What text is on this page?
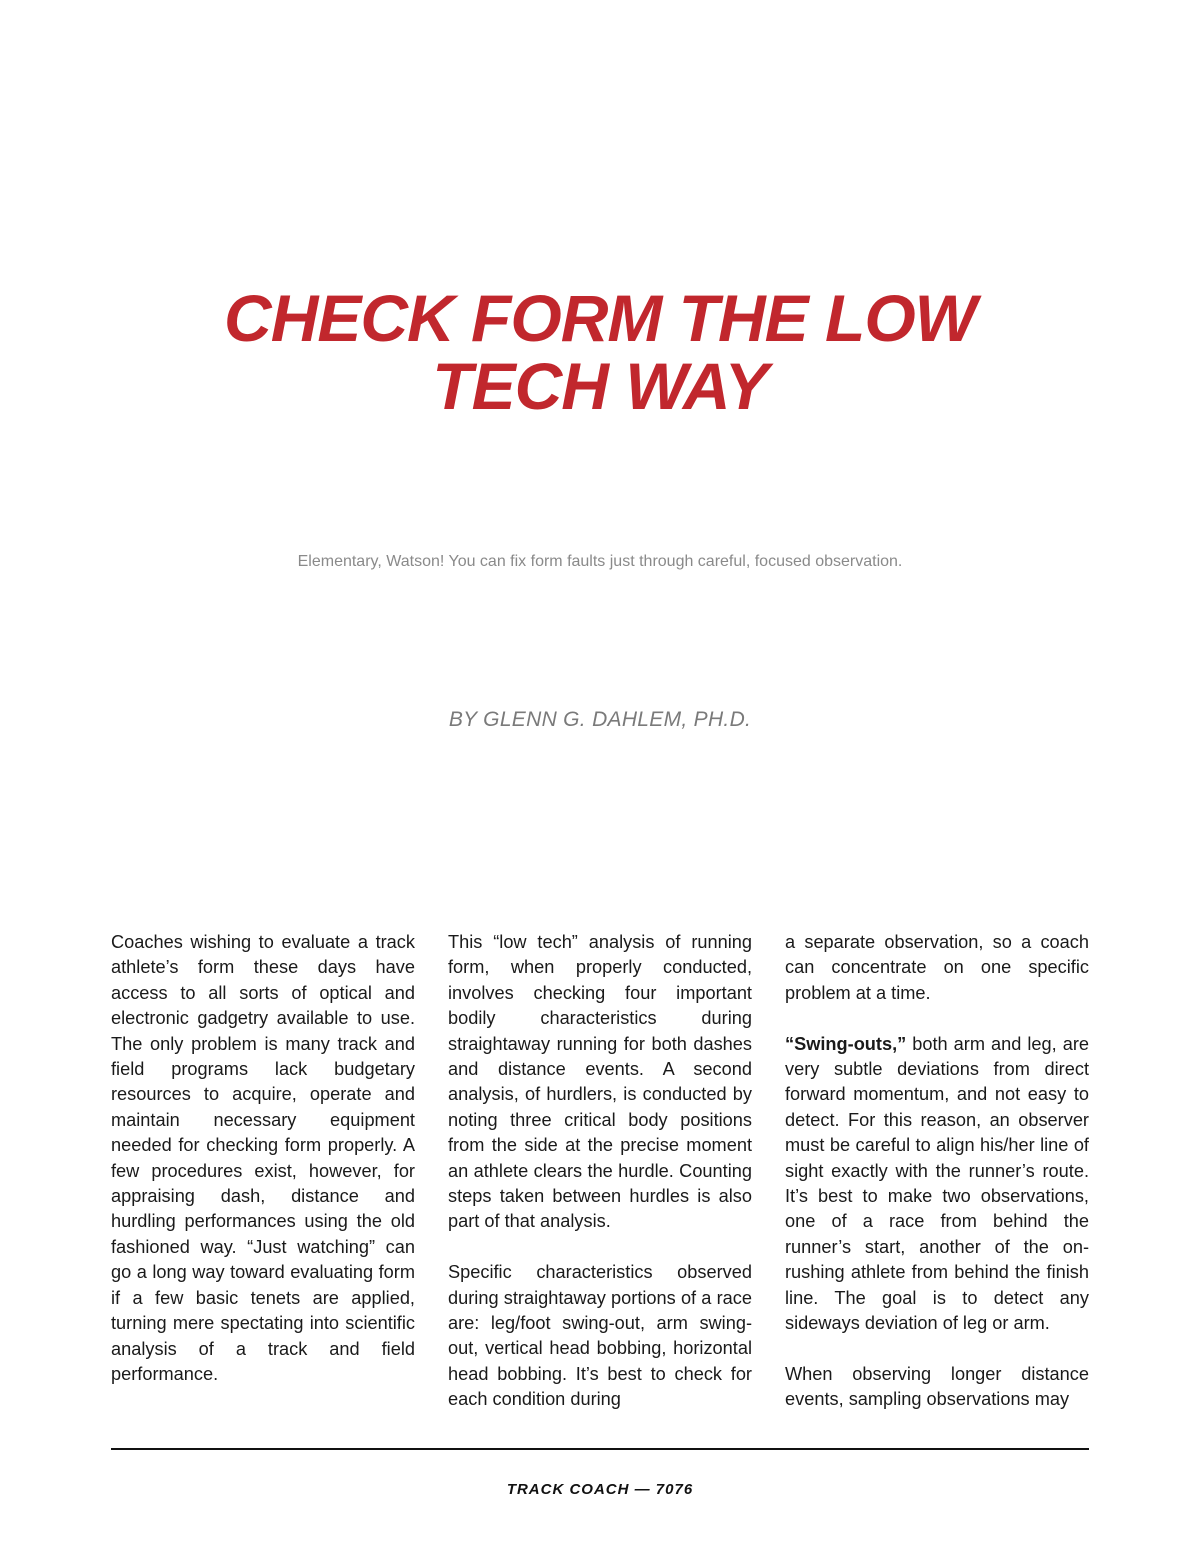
CHECK FORM THE LOW
TECH WAY

Elementary, Watson! You can fix form faults just through careful, focused observation.

BY GLENN G. DAHLEM, PH.D.

Coaches wishing to evaluate a track athlete’s form these days have access to all sorts of optical and electronic gadgetry available to use. The only problem is many track and field programs lack budgetary resources to acquire, operate and maintain necessary equipment needed for checking form properly. A few procedures exist, however, for appraising dash, distance and hurdling performances using the old fashioned way. “Just watching” can go a long way toward evaluating form if a few basic tenets are applied, turning mere spectating into scientific analysis of a track and field performance.

This “low tech” analysis of running form, when properly conducted, involves checking four important bodily characteristics during straightaway running for both dashes and distance events. A second analysis, of hurdlers, is conducted by noting three critical body positions from the side at the precise moment an athlete clears the hurdle. Counting steps taken between hurdles is also part of that analysis.

Specific characteristics observed during straightaway portions of a race are: leg/foot swing-out, arm swing-out, vertical head bobbing, horizontal head bobbing. It’s best to check for each condition during

a separate observation, so a coach can concentrate on one specific problem at a time.

“Swing-outs,” both arm and leg, are very subtle deviations from direct forward momentum, and not easy to detect. For this reason, an observer must be careful to align his/her line of sight exactly with the runner’s route. It’s best to make two observations, one of a race from behind the runner’s start, another of the on-rushing athlete from behind the finish line. The goal is to detect any sideways deviation of leg or arm.

When observing longer distance events, sampling observations may

TRACK COACH — 7076
